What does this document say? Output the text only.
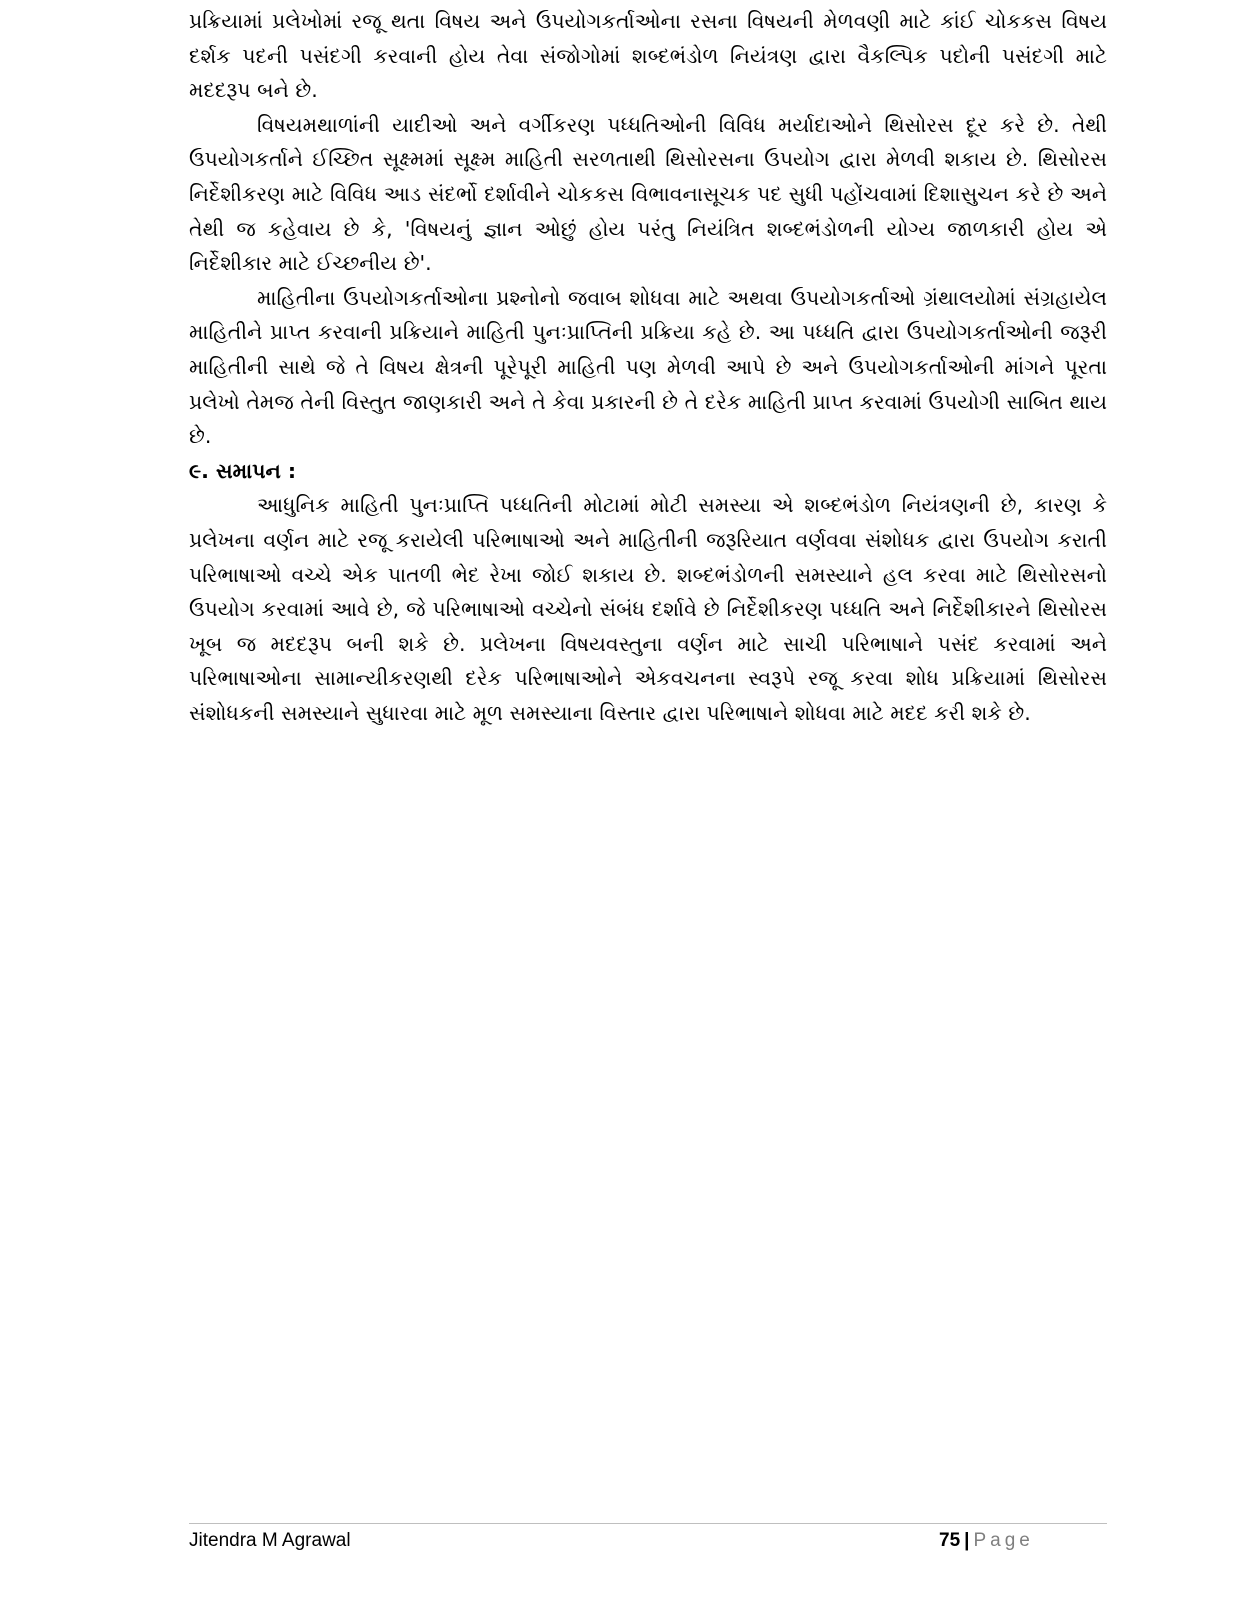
પ્રક્રિયામાં પ્રલેખોમાં રજૂ થતા વિષય અને ઉપયોગકર્તાઓના રસના વિષયની મેળવણી માટે કાંઈ ચોકકસ વિષય દર્શક પદની પસંદગી કરવાની હોય તેવા સંજોગોમાં શબ્દભંડોળ નિયંત્રણ દ્વારા વૈકલ્પિક પદોની પસંદગી માટે મદદરૂપ બને છે.

વિષયમથાળાંની યાદીઓ અને વર્ગીકરણ પધ્ધતિઓની વિવિધ મર્યાદાઓને થિસોરસ દૂર કરે છે. તેથી ઉપયોગકર્તાને ઈચ્છિત સૂક્ષ્મમાં સૂક્ષ્મ માહિતી સરળતાથી થિસોરસના ઉપયોગ દ્વારા મેળવી શકાય છે. થિસોરસ નિર્દેશીકરણ માટે વિવિધ આડ સંદર્ભો દર્શાવીને ચોકકસ વિભાવનાસૂચક પદ સુધી પહોંચવામાં દિશાસુચન કરે છે અને તેથી જ કહેવાય છે કે, 'વિષયનું જ્ઞાન ઓછું હોય પરંતુ નિયંત્રિત શબ્દભંડોળની યોગ્ય જાળકારી હોય એ નિર્દેશીકાર માટે ઈચ્છનીય છે'.

માહિતીના ઉપયોગકર્તાઓના પ્રશ્નોનો જવાબ શોધવા માટે અથવા ઉપયોગકર્તાઓ ગ્રંથાલયોમાં સંગ્રહાયેલ માહિતીને પ્રાપ્ત કરવાની પ્રક્રિયાને માહિતી પુનઃપ્રાપ્તિની પ્રક્રિયા કહે છે. આ પધ્ધતિ દ્વારા ઉપયોગકર્તાઓની જરૂરી માહિતીની સાથે જે તે વિષય ક્ષેત્રની પૂરેપૂરી માહિતી પણ મેળવી આપે છે અને ઉપયોગકર્તાઓની માંગને પૂરતા પ્રલેખો તેમજ તેની વિસ્તુત જાણકારી અને તે કેવા પ્રકારની છે તે દરેક માહિતી પ્રાપ્ત કરવામાં ઉપયોગી સાબિત થાય છે.

૯. સમાપન :

આધુનિક માહિતી પુનઃપ્રાપ્તિ પધ્ધતિની મોટામાં મોટી સમસ્યા એ શબ્દભંડોળ નિયંત્રણની છે, કારણ કે પ્રલેખના વર્ણન માટે રજૂ કરાયેલી પરિભાષાઓ અને માહિતીની જરૂરિયાત વર્ણવવા સંશોધક દ્વારા ઉપયોગ કરાતી પરિભાષાઓ વચ્ચે એક પાતળી ભેદ રેખા જોઈ શકાય છે. શબ્દભંડોળની સમસ્યાને હલ કરવા માટે થિસોરસનો ઉપયોગ કરવામાં આવે છે, જે પરિભાષાઓ વચ્ચેનો સંબંધ દર્શાવે છે નિર્દેશીકરણ પધ્ધતિ અને નિર્દેશીકારને થિસોરસ ખૂબ જ મદદરૂપ બની શકે છે. પ્રલેખના વિષયવસ્તુના વર્ણન માટે સાચી પરિભાષાને પસંદ કરવામાં અને પરિભાષાઓના સામાન્યીકરણથી દરેક પરિભાષાઓને એકવચનના સ્વરૂપે રજૂ કરવા શોધ પ્રક્રિયામાં થિસોરસ સંશોધકની સમસ્યાને સુધારવા માટે મૂળ સમસ્યાના વિસ્તાર દ્વારા પરિભાષાને શોધવા માટે મદદ કરી શકે છે.

Jitendra M Agrawal	75 | Page
